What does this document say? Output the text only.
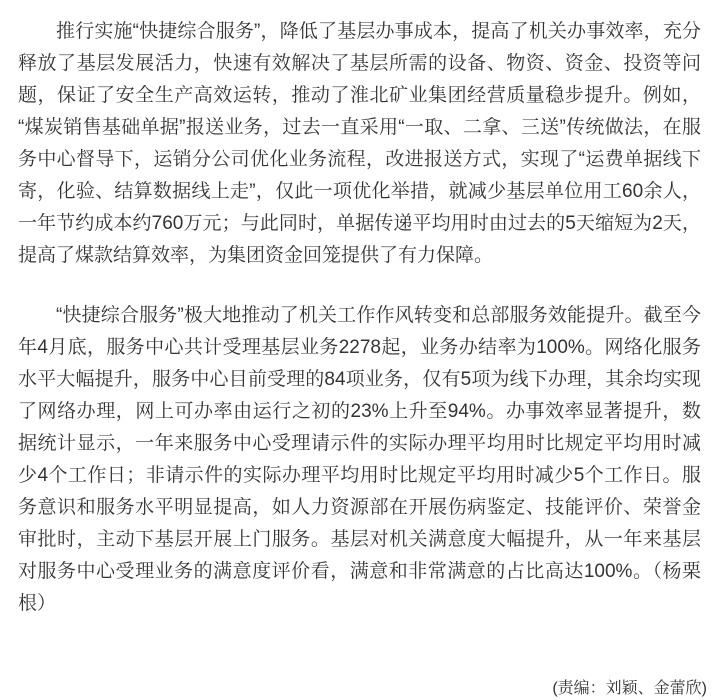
推行实施“快捷综合服务”，降低了基层办事成本，提高了机关办事效率，充分释放了基层发展活力，快速有效解决了基层所需的设备、物资、资金、投资等问题，保证了安全生产高效运转，推动了淮北矿业集团经营质量稳步提升。例如，“煤炭销售基础单据”报送业务，过去一直采用“一取、二拿、三送”传统做法，在服务中心督导下，运销分公司优化业务流程，改进报送方式，实现了“运费单据线下寄，化验、结算数据线上走”，仅此一项优化举措，就减少基层单位用工60余人，一年节约成本约760万元；与此同时，单据传递平均用时由过去的5天缩短为2天，提高了煤款结算效率，为集团资金回笼提供了有力保障。

“快捷综合服务”极大地推动了机关工作作风转变和总部服务效能提升。截至今年4月底，服务中心共计受理基层业务2278起，业务办结率为100%。网络化服务水平大幅提升，服务中心目前受理的84项业务，仅有5项为线下办理，其余均实现了网络办理，网上可办率由运行之初的23%上升至94%。办事效率显著提升，数据统计显示，一年来服务中心受理请示件的实际办理平均用时比规定平均用时减少4个工作日；非请示件的实际办理平均用时比规定平均用时减少5个工作日。服务意识和服务水平明显提高，如人力资源部在开展伤病鉴定、技能评价、荣誉金审批时，主动下基层开展上门服务。基层对机关满意度大幅提升，从一年来基层对服务中心受理业务的满意度评价看，满意和非常满意的占比高达100%。（杨栗根）

(责编：刘颖、金蕾欣)
